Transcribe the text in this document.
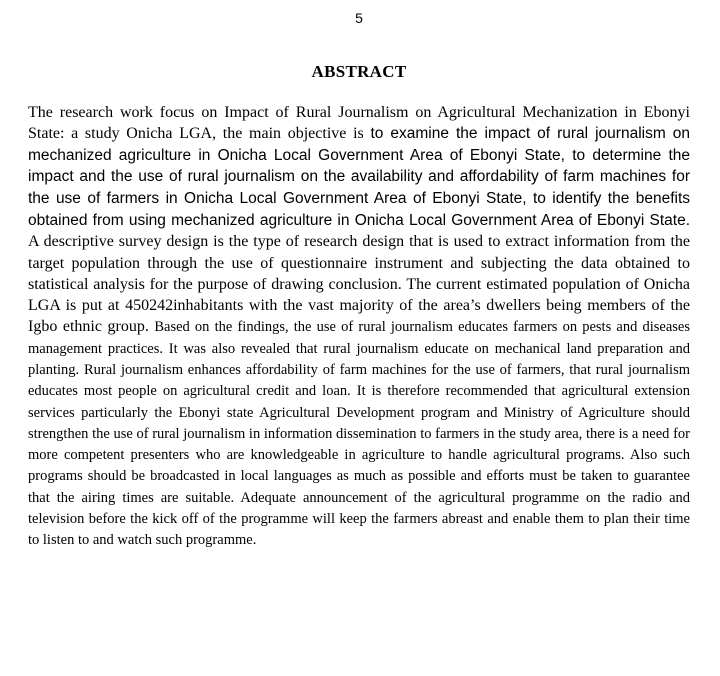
5
ABSTRACT

The research work focus on Impact of Rural Journalism on Agricultural Mechanization in Ebonyi State: a study Onicha LGA, the main objective is to examine the impact of rural journalism on mechanized agriculture in Onicha Local Government Area of Ebonyi State, to determine the impact and the use of rural journalism on the availability and affordability of farm machines for the use of farmers in Onicha Local Government Area of Ebonyi State, to identify the benefits obtained from using mechanized agriculture in Onicha Local Government Area of Ebonyi State. A descriptive survey design is the type of research design that is used to extract information from the target population through the use of questionnaire instrument and subjecting the data obtained to statistical analysis for the purpose of drawing conclusion. The current estimated population of Onicha LGA is put at 450242inhabitants with the vast majority of the area’s dwellers being members of the Igbo ethnic group. Based on the findings, the use of rural journalism educates farmers on pests and diseases management practices. It was also revealed that rural journalism educate on mechanical land preparation and planting. Rural journalism enhances affordability of farm machines for the use of farmers, that rural journalism educates most people on agricultural credit and loan. It is therefore recommended that agricultural extension services particularly the Ebonyi state Agricultural Development program and Ministry of Agriculture should strengthen the use of rural journalism in information dissemination to farmers in the study area, there is a need for more competent presenters who are knowledgeable in agriculture to handle agricultural programs. Also such programs should be broadcasted in local languages as much as possible and efforts must be taken to guarantee that the airing times are suitable. Adequate announcement of the agricultural programme on the radio and television before the kick off of the programme will keep the farmers abreast and enable them to plan their time to listen to and watch such programme.
